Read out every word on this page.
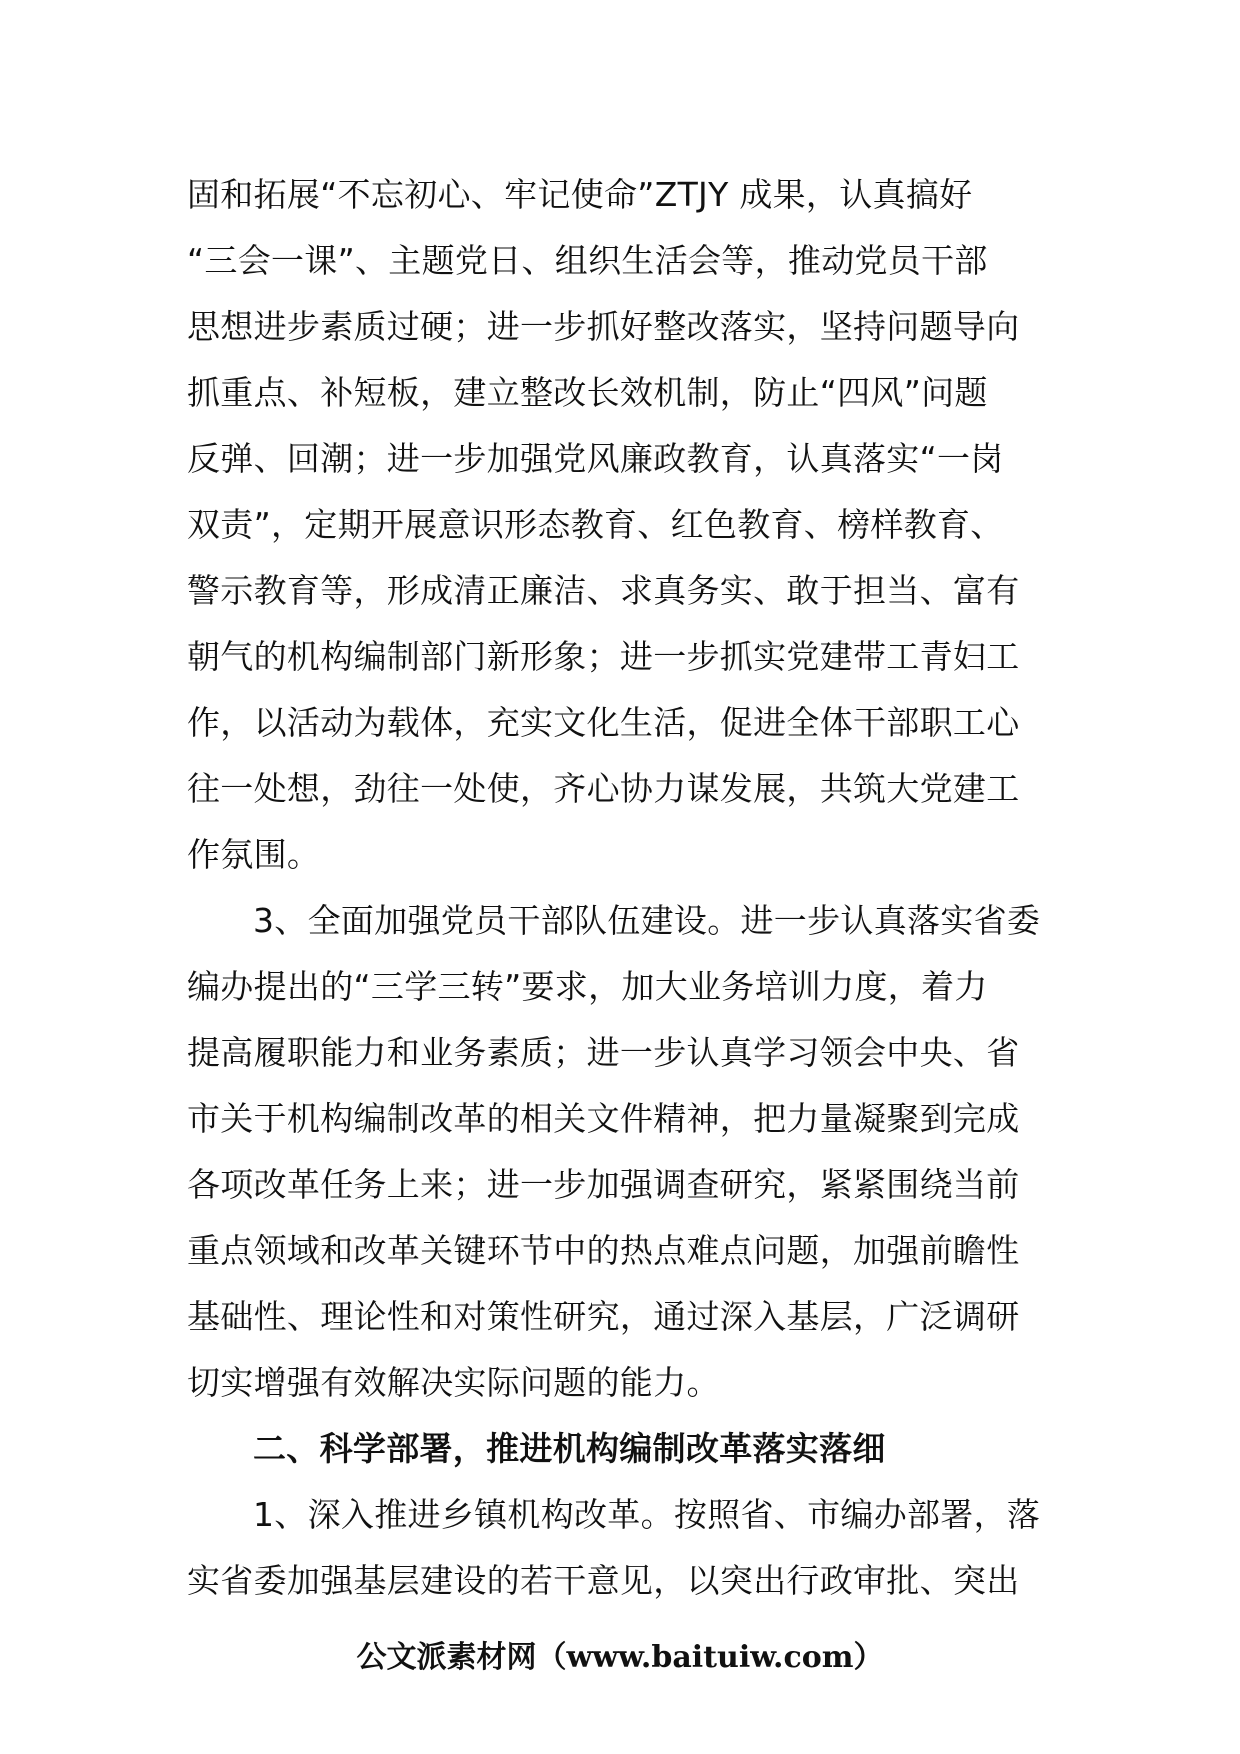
固和拓展“不忘初心、牢记使命”ZTJY 成果，认真搞好
“三会一课”、主题党日、组织生活会等，推动党员干部
思想进步素质过硬；进一步抓好整改落实，坚持问题导向
抓重点、补短板，建立整改长效机制，防止“四风”问题
反弹、回潮；进一步加强党风廉政教育，认真落实“一岗
双责”，定期开展意识形态教育、红色教育、榜样教育、
警示教育等，形成清正廉洁、求真务实、敢于担当、富有
朝气的机构编制部门新形象；进一步抓实党建带工青妇工
作，以活动为载体，充实文化生活，促进全体干部职工心
往一处想，劲往一处使，齐心协力谋发展，共筑大党建工
作氛围。
3、全面加强党员干部队伍建设。进一步认真落实省委
编办提出的“三学三转”要求，加大业务培训力度，着力
提高履职能力和业务素质；进一步认真学习领会中央、省
市关于机构编制改革的相关文件精神，把力量凝聚到完成
各项改革任务上来；进一步加强调查研究，紧紧围绕当前
重点领域和改革关键环节中的热点难点问题，加强前瞻性
基础性、理论性和对策性研究，通过深入基层，广泛调研
切实增强有效解决实际问题的能力。
二、科学部署，推进机构编制改革落实落细
1、深入推进乡镇机构改革。按照省、市编办部署，落
实省委加强基层建设的若干意见，以突出行政审批、突出
公文派素材网（www.baituiw.com）
